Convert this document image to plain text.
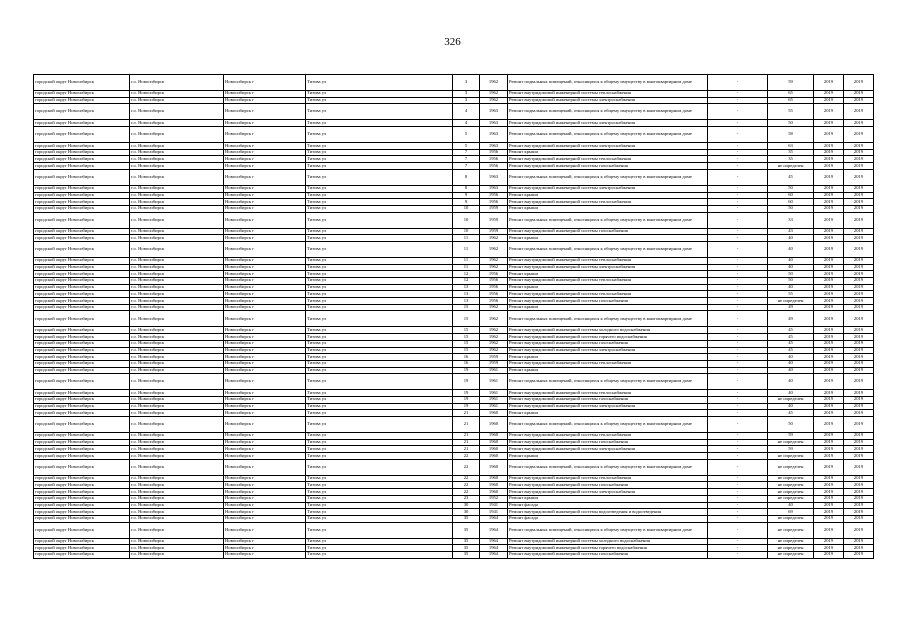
326
городской округ Новосибирск	г.о. Новосибирск	Новосибирск г	Титова ул	3	1962	Ремонт подвальных помещений, относящихся к общему имуществу в многоквартирном доме	-	59	2019	2019
городской округ Новосибирск	г.о. Новосибирск	Новосибирск г	Титова ул	3	1962	Ремонт внутридомовой инженерной системы теплоснабжения	-	65	2019	2019
городской округ Новосибирск	г.о. Новосибирск	Новосибирск г	Титова ул	3	1962	Ремонт внутридомовой инженерной системы электроснабжения	-	65	2019	2019
городской округ Новосибирск	г.о. Новосибирск	Новосибирск г	Титова ул	4	1963	Ремонт подвальных помещений, относящихся к общему имуществу в многоквартирном доме	-	55	2019	2019
городской округ Новосибирск	г.о. Новосибирск	Новосибирск г	Титова ул	4	1963	Ремонт внутридомовой инженерной системы электроснабжения	-	50	2019	2019
городской округ Новосибирск	г.о. Новосибирск	Новосибирск г	Титова ул	5	1963	Ремонт подвальных помещений, относящихся к общему имуществу в многоквартирном доме	-	58	2019	2019
городской округ Новосибирск	г.о. Новосибирск	Новосибирск г	Титова ул	5	1963	Ремонт внутридомовой инженерной системы электроснабжения	-	63	2019	2019
городской округ Новосибирск	г.о. Новосибирск	Новосибирск г	Титова ул	7	1956	Ремонт крыши	-	35	2019	2019
городской округ Новосибирск	г.о. Новосибирск	Новосибирск г	Титова ул	7	1956	Ремонт внутридомовой инженерной системы теплоснабжения	-	35	2019	2019
городской округ Новосибирск	г.о. Новосибирск	Новосибирск г	Титова ул	7	1956	Ремонт внутридомовой инженерной системы газоснабжения	-	не определен	2019	2019
городской округ Новосибирск	г.о. Новосибирск	Новосибирск г	Титова ул	8	1963	Ремонт подвальных помещений, относящихся к общему имуществу в многоквартирном доме	-	45	2019	2019
городской округ Новосибирск	г.о. Новосибирск	Новосибирск г	Титова ул	8	1963	Ремонт внутридомовой инженерной системы электроснабжения	-	50	2019	2019
городской округ Новосибирск	г.о. Новосибирск	Новосибирск г	Титова ул	9	1956	Ремонт крыши	-	60	2019	2019
городской округ Новосибирск	г.о. Новосибирск	Новосибирск г	Титова ул	9	1956	Ремонт внутридомовой инженерной системы теплоснабжения	-	60	2019	2019
городской округ Новосибирск	г.о. Новосибирск	Новосибирск г	Титова ул	10	1959	Ремонт крыши	-	50	2019	2019
городской округ Новосибирск	г.о. Новосибирск	Новосибирск г	Титова ул	10	1959	Ремонт подвальных помещений, относящихся к общему имуществу в многоквартирном доме	-	33	2019	2019
городской округ Новосибирск	г.о. Новосибирск	Новосибирск г	Титова ул	10	1959	Ремонт внутридомовой инженерной системы газоснабжения	-	43	2019	2019
городской округ Новосибирск	г.о. Новосибирск	Новосибирск г	Титова ул	11	1962	Ремонт крыши	-	40	2019	2019
городской округ Новосибирск	г.о. Новосибирск	Новосибирск г	Титова ул	11	1962	Ремонт подвальных помещений, относящихся к общему имуществу в многоквартирном доме	-	40	2019	2019
городской округ Новосибирск	г.о. Новосибирск	Новосибирск г	Титова ул	11	1962	Ремонт внутридомовой инженерной системы теплоснабжения	-	40	2019	2019
городской округ Новосибирск	г.о. Новосибирск	Новосибирск г	Титова ул	11	1962	Ремонт внутридомовой инженерной системы электроснабжения	-	40	2019	2019
городской округ Новосибирск	г.о. Новосибирск	Новосибирск г	Титова ул	12	1956	Ремонт крыши	-	50	2019	2019
городской округ Новосибирск	г.о. Новосибирск	Новосибирск г	Титова ул	12	1956	Ремонт внутридомовой инженерной системы теплоснабжения	-	50	2019	2019
городской округ Новосибирск	г.о. Новосибирск	Новосибирск г	Титова ул	13	1956	Ремонт крыши	-	40	2019	2019
городской округ Новосибирск	г.о. Новосибирск	Новосибирск г	Титова ул	13	1956	Ремонт внутридомовой инженерной системы теплоснабжения	-	55	2019	2019
городской округ Новосибирск	г.о. Новосибирск	Новосибирск г	Титова ул	13	1956	Ремонт внутридомовой инженерной системы газоснабжения	-	не определен	2019	2019
городской округ Новосибирск	г.о. Новосибирск	Новосибирск г	Титова ул	15	1962	Ремонт крыши	-	49	2019	2019
городской округ Новосибирск	г.о. Новосибирск	Новосибирск г	Титова ул	15	1962	Ремонт подвальных помещений, относящихся к общему имуществу в многоквартирном доме	-	49	2019	2019
городской округ Новосибирск	г.о. Новосибирск	Новосибирск г	Титова ул	15	1962	Ремонт внутридомовой инженерной системы холодного водоснабжения	-	45	2019	2019
городской округ Новосибирск	г.о. Новосибирск	Новосибирск г	Титова ул	15	1962	Ремонт внутридомовой инженерной системы горячего водоснабжения	-	45	2019	2019
городской округ Новосибирск	г.о. Новосибирск	Новосибирск г	Титова ул	15	1962	Ремонт внутридомовой инженерной системы газоснабжения	-	45	2019	2019
городской округ Новосибирск	г.о. Новосибирск	Новосибирск г	Титова ул	15	1962	Ремонт внутридомовой инженерной системы электроснабжения	-	45	2019	2019
городской округ Новосибирск	г.о. Новосибирск	Новосибирск г	Титова ул	16	1959	Ремонт крыши	-	40	2019	2019
городской округ Новосибирск	г.о. Новосибирск	Новосибирск г	Титова ул	16	1959	Ремонт внутридомовой инженерной системы теплоснабжения	-	40	2019	2019
городской округ Новосибирск	г.о. Новосибирск	Новосибирск г	Титова ул	19	1961	Ремонт крыши	-	40	2019	2019
городской округ Новосибирск	г.о. Новосибирск	Новосибирск г	Титова ул	19	1961	Ремонт подвальных помещений, относящихся к общему имуществу в многоквартирном доме	-	40	2019	2019
городской округ Новосибирск	г.о. Новосибирск	Новосибирск г	Титова ул	19	1961	Ремонт внутридомовой инженерной системы теплоснабжения	-	40	2019	2019
городской округ Новосибирск	г.о. Новосибирск	Новосибирск г	Титова ул	19	1961	Ремонт внутридомовой инженерной системы газоснабжения	-	не определен	2019	2019
городской округ Новосибирск	г.о. Новосибирск	Новосибирск г	Титова ул	19	1961	Ремонт внутридомовой инженерной системы электроснабжения	-	40	2019	2019
городской округ Новосибирск	г.о. Новосибирск	Новосибирск г	Титова ул	21	1960	Ремонт крыши	-	45	2019	2019
городской округ Новосибирск	г.о. Новосибирск	Новосибирск г	Титова ул	21	1960	Ремонт подвальных помещений, относящихся к общему имуществу в многоквартирном доме	-	50	2019	2019
городской округ Новосибирск	г.о. Новосибирск	Новосибирск г	Титова ул	21	1960	Ремонт внутридомовой инженерной системы теплоснабжения	-	59	2019	2019
городской округ Новосибирск	г.о. Новосибирск	Новосибирск г	Титова ул	21	1960	Ремонт внутридомовой инженерной системы газоснабжения	-	не определен	2019	2019
городской округ Новосибирск	г.о. Новосибирск	Новосибирск г	Титова ул	21	1960	Ремонт внутридомовой инженерной системы электроснабжения	-	59	2019	2019
городской округ Новосибирск	г.о. Новосибирск	Новосибирск г	Титова ул	22	1960	Ремонт крыши	-	не определен	2019	2019
городской округ Новосибирск	г.о. Новосибирск	Новосибирск г	Титова ул	22	1960	Ремонт подвальных помещений, относящихся к общему имуществу в многоквартирном доме	-	не определен	2019	2019
городской округ Новосибирск	г.о. Новосибирск	Новосибирск г	Титова ул	22	1960	Ремонт внутридомовой инженерной системы теплоснабжения	-	не определен	2019	2019
городской округ Новосибирск	г.о. Новосибирск	Новосибирск г	Титова ул	22	1960	Ремонт внутридомовой инженерной системы газоснабжения	-	не определен	2019	2019
городской округ Новосибирск	г.о. Новосибирск	Новосибирск г	Титова ул	22	1960	Ремонт внутридомовой инженерной системы электроснабжения	-	не определен	2019	2019
городской округ Новосибирск	г.о. Новосибирск	Новосибирск г	Титова ул	23	1952	Ремонт крыши	-	не определен	2019	2019
городской округ Новосибирск	г.о. Новосибирск	Новосибирск г	Титова ул	30	1941	Ремонт фасада	-	40	2019	2019
городской округ Новосибирск	г.о. Новосибирск	Новосибирск г	Титова ул	30	1941	Ремонт внутридомовой инженерной системы водоотведения и водоотведения	-	69	2019	2019
городской округ Новосибирск	г.о. Новосибирск	Новосибирск г	Титова ул	35	1964	Ремонт фасада	-	не определен	2019	2019
городской округ Новосибирск	г.о. Новосибирск	Новосибирск г	Титова ул	35	1964	Ремонт подвальных помещений, относящихся к общему имуществу в многоквартирном доме	-	не определен	2019	2019
городской округ Новосибирск	г.о. Новосибирск	Новосибирск г	Титова ул	35	1964	Ремонт внутридомовой инженерной системы холодного водоснабжения	-	не определен	2019	2019
городской округ Новосибирск	г.о. Новосибирск	Новосибирск г	Титова ул	35	1964	Ремонт внутридомовой инженерной системы горячего водоснабжения	-	не определен	2019	2019
городской округ Новосибирск	г.о. Новосибирск	Новосибирск г	Титова ул	35	1964	Ремонт внутридомовой инженерной системы газоснабжения	-	не определен	2019	2019
